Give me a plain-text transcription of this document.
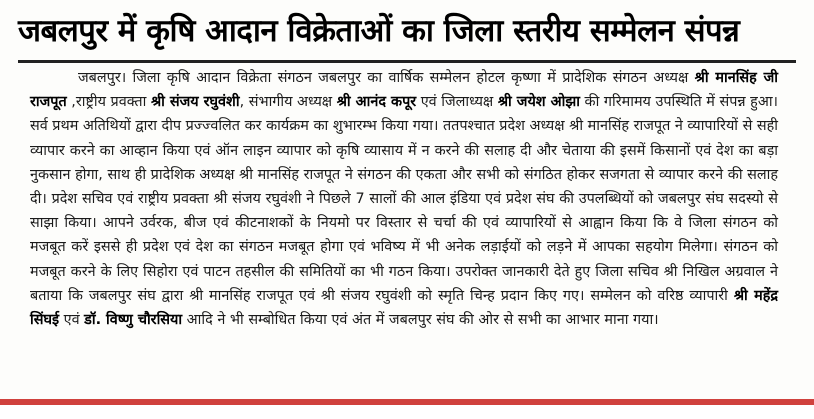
जबलपुर में कृषि आदान विक्रेताओं का जिला स्तरीय सम्मेलन संपन्न

जबलपुर। जिला कृषि आदान विक्रेता संगठन जबलपुर का वार्षिक सम्मेलन होटल कृष्णा में प्रादेशिक संगठन अध्यक्ष श्री मानसिंह जी राजपूत ,राष्ट्रीय प्रवक्ता श्री संजय रघुवंशी, संभागीय अध्यक्ष श्री आनंद कपूर एवं जिलाध्यक्ष श्री जयेश ओझा की गरिमामय उपस्थिति में संपन्न हुआ। सर्व प्रथम अतिथियों द्वारा दीप प्रज्ज्वलित कर कार्यक्रम का शुभारम्भ किया गया। ततपश्चात प्रदेश अध्यक्ष श्री मानसिंह राजपूत ने व्यापारियों से सही व्यापार करने का आव्हान किया एवं ऑन लाइन व्यापार को कृषि व्यासाय में न करने की सलाह दी और चेताया की इसमें किसानों एवं देश का बड़ा नुकसान होगा, साथ ही प्रादेशिक अध्यक्ष श्री मानसिंह राजपूत ने संगठन की एकता और सभी को संगठित होकर सजगता से व्यापार करने की सलाह दी। प्रदेश सचिव एवं राष्ट्रीय प्रवक्ता श्री संजय रघुवंशी ने पिछले 7 सालों की आल इंडिया एवं प्रदेश संघ की उपलब्धियों को जबलपुर संघ सदस्यो से साझा किया। आपने उर्वरक, बीज एवं कीटनाशकों के नियमो पर विस्तार से चर्चा की एवं व्यापारियों से आह्वान किया कि वे जिला संगठन को मजबूत करें इससे ही प्रदेश एवं देश का संगठन मजबूत होगा एवं भविष्य में भी अनेक लड़ाईयों को लड़ने में आपका सहयोग मिलेगा। संगठन को मजबूत करने के लिए सिहोरा एवं पाटन तहसील की समितियों का भी गठन किया। उपरोक्त जानकारी देते हुए जिला सचिव श्री निखिल अग्रवाल ने बताया कि जबलपुर संघ द्वारा श्री मानसिंह राजपूत एवं श्री संजय रघुवंशी को स्मृति चिन्ह प्रदान किए गए। सम्मेलन को वरिष्ठ व्यापारी श्री महेंद्र सिंघई एवं डॉ. विष्णु चौरसिया आदि ने भी सम्बोधित किया एवं अंत में जबलपुर संघ की ओर से सभी का आभार माना गया।
